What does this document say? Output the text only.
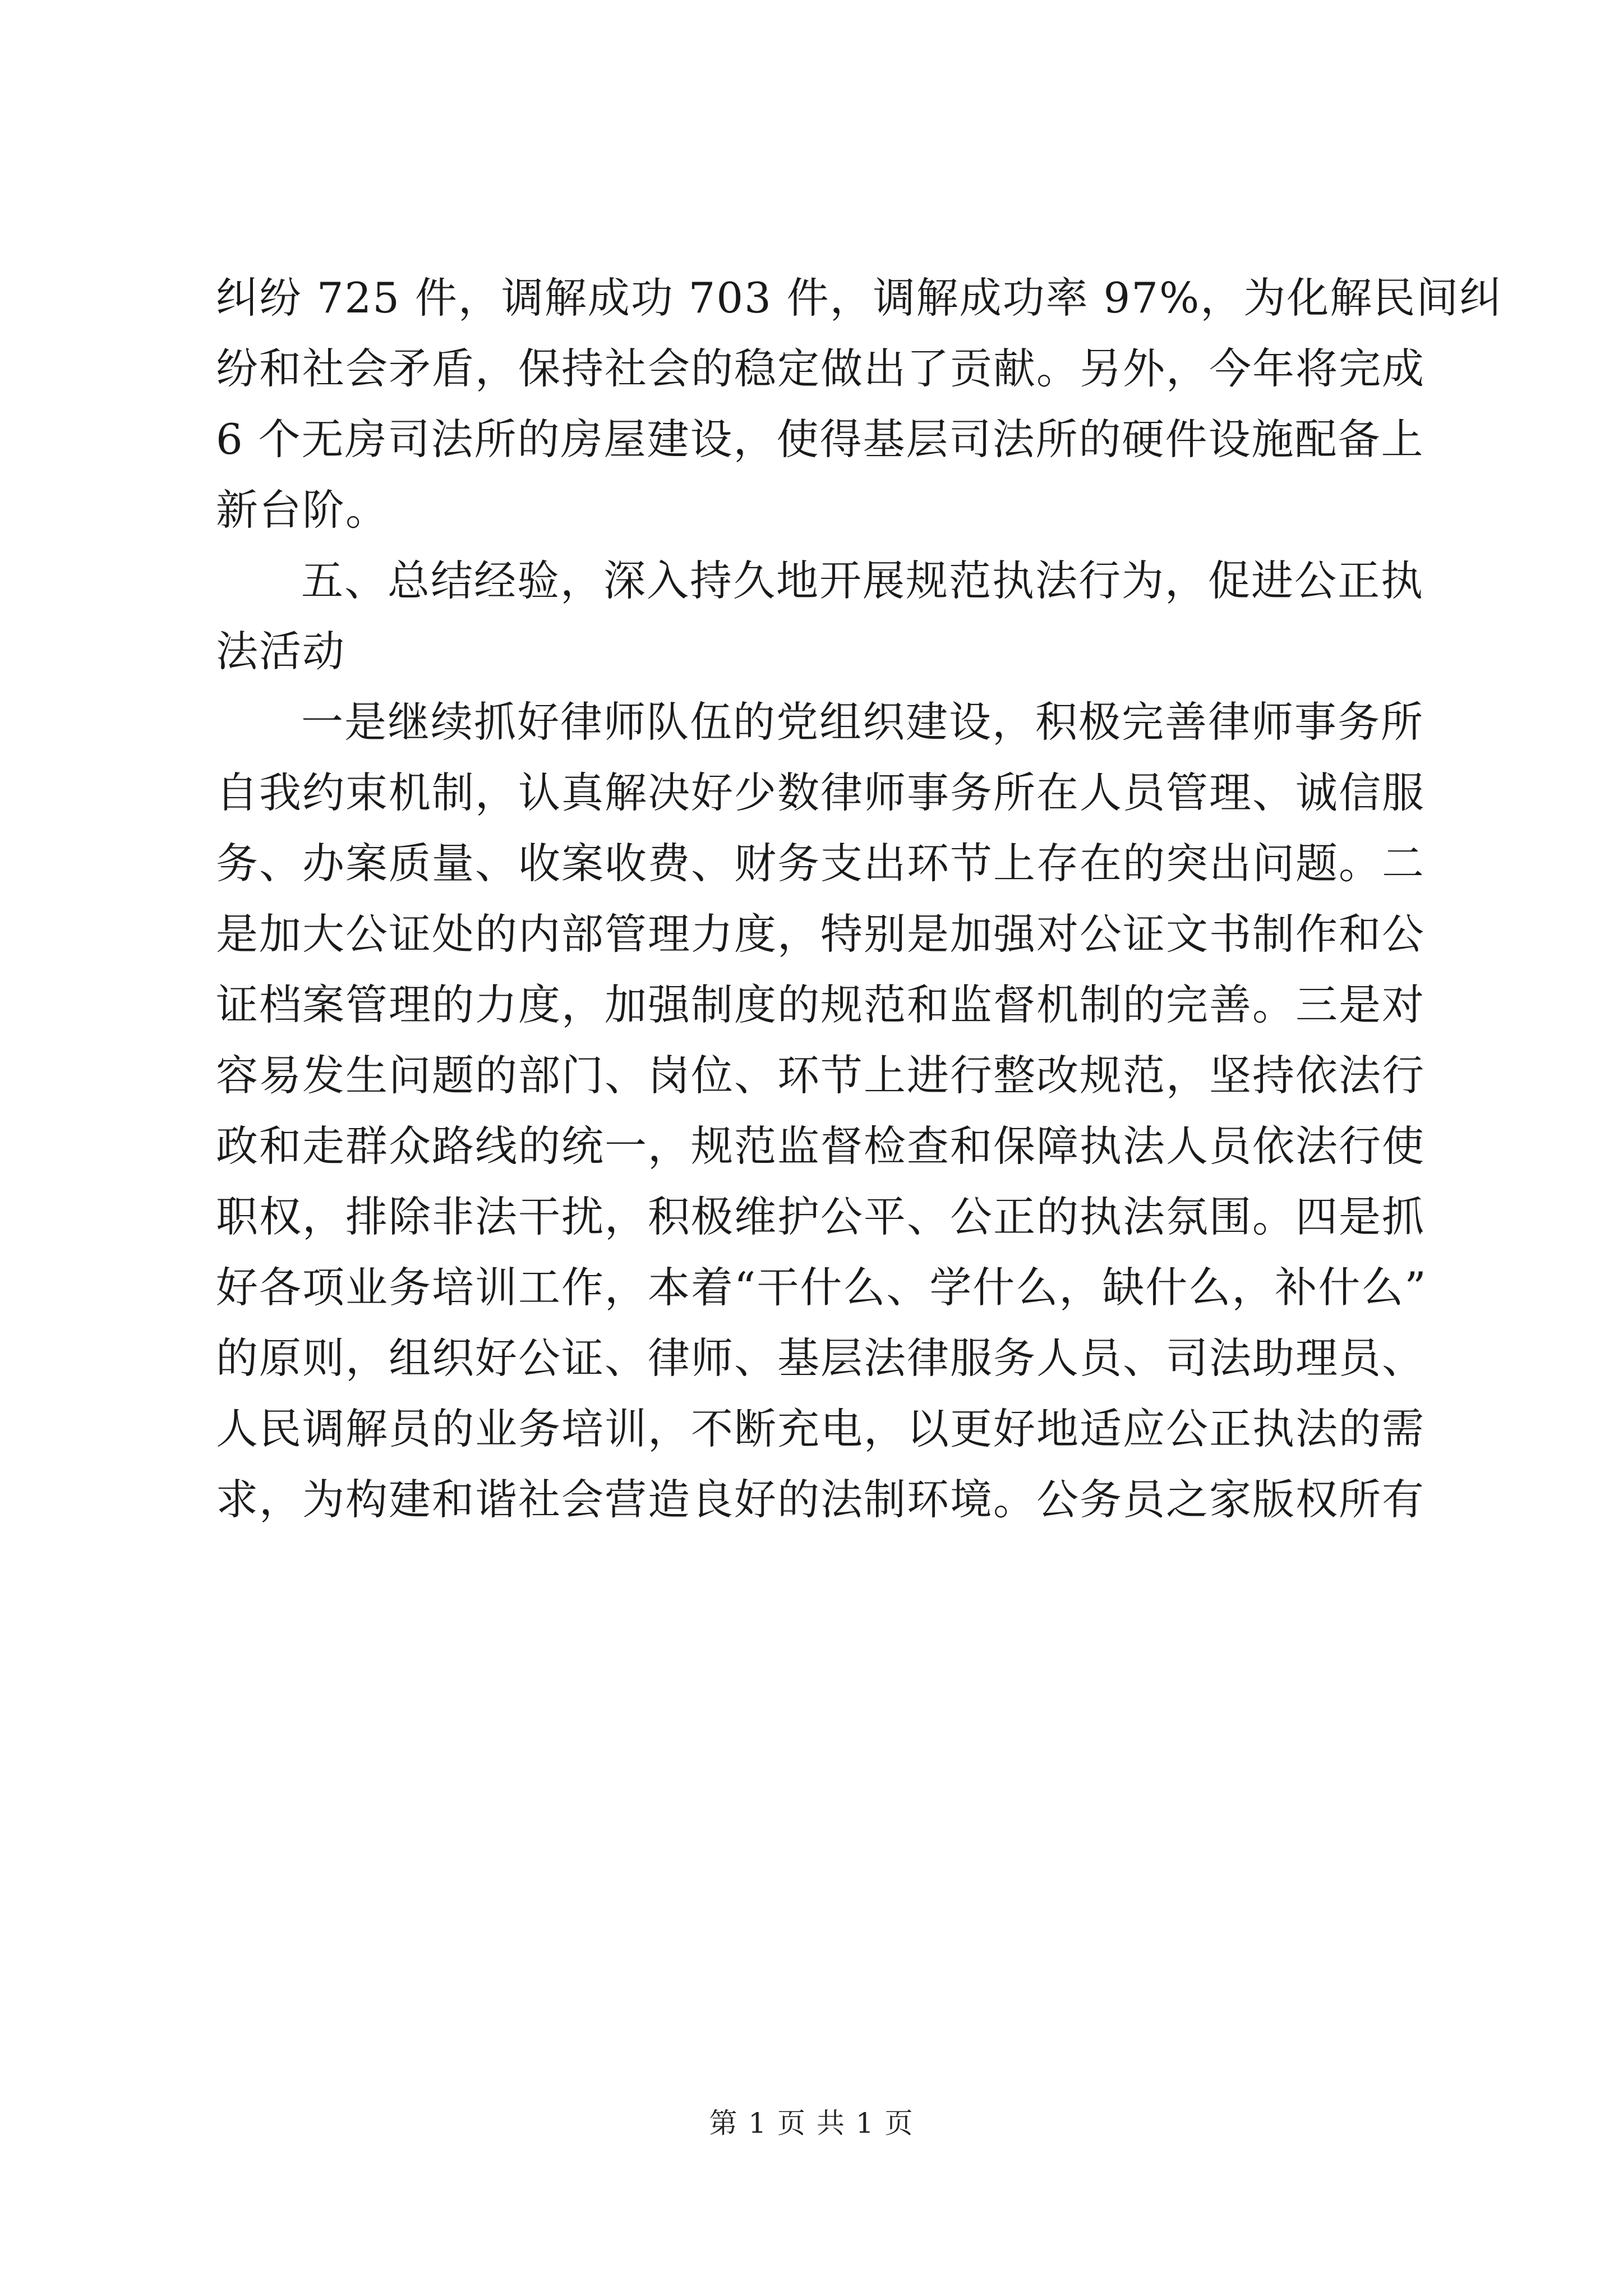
纠纷 725 件，调解成功 703 件，调解成功率 97%，为化解民间纠
纷和社会矛盾，保持社会的稳定做出了贡献。另外，今年将完成
6 个无房司法所的房屋建设，使得基层司法所的硬件设施配备上
新台阶。
五、总结经验，深入持久地开展规范执法行为，促进公正执
法活动
一是继续抓好律师队伍的党组织建设，积极完善律师事务所
自我约束机制，认真解决好少数律师事务所在人员管理、诚信服
务、办案质量、收案收费、财务支出环节上存在的突出问题。二
是加大公证处的内部管理力度，特别是加强对公证文书制作和公
证档案管理的力度，加强制度的规范和监督机制的完善。三是对
容易发生问题的部门、岗位、环节上进行整改规范，坚持依法行
政和走群众路线的统一，规范监督检查和保障执法人员依法行使
职权，排除非法干扰，积极维护公平、公正的执法氛围。四是抓
好各项业务培训工作，本着“干什么、学什么，缺什么，补什么”
的原则，组织好公证、律师、基层法律服务人员、司法助理员、
人民调解员的业务培训，不断充电，以更好地适应公正执法的需
求，为构建和谐社会营造良好的法制环境。公务员之家版权所有
第 1 页 共 1 页
